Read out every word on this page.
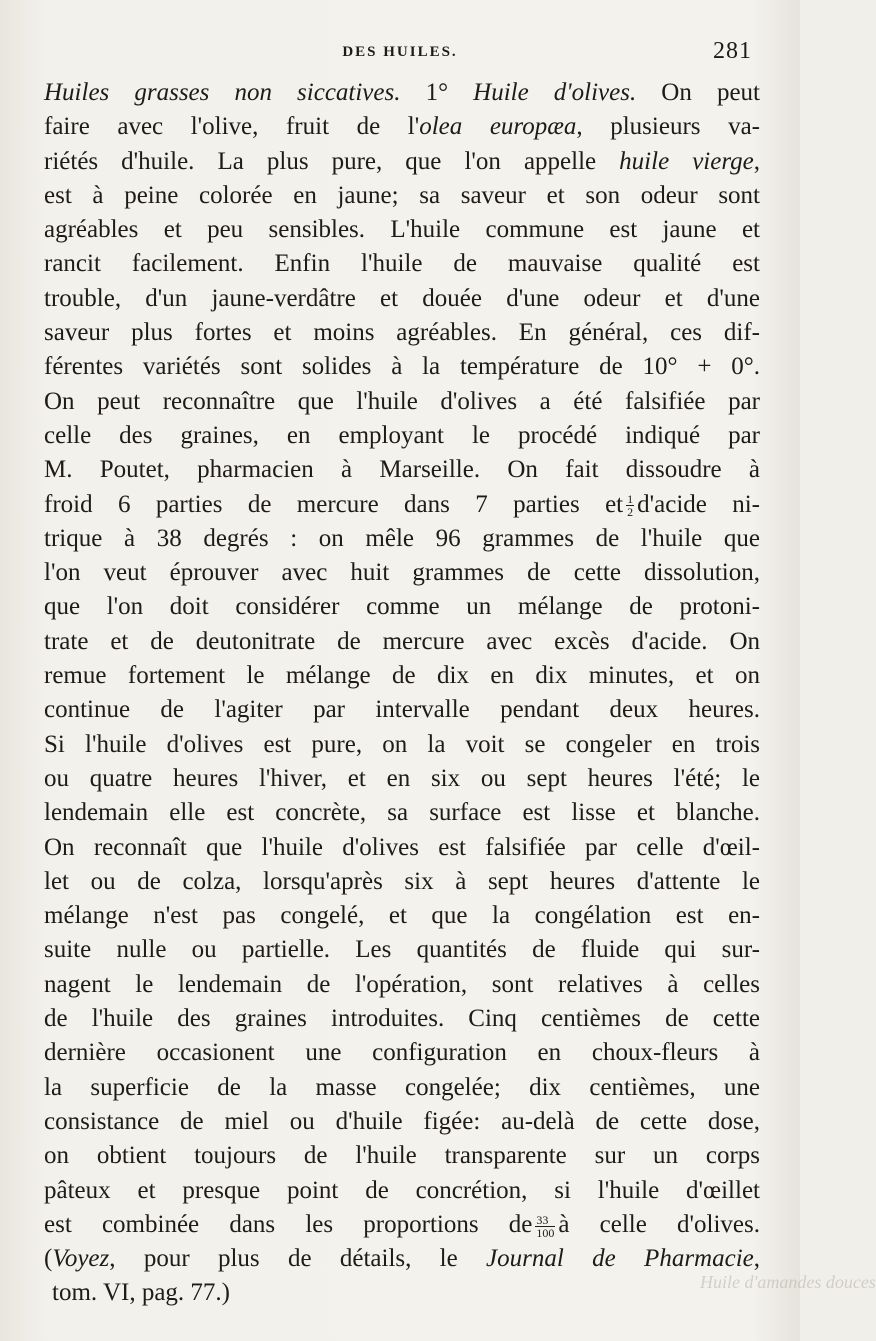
DES HUILES.	281
Huiles grasses non siccatives. 1° Huile d'olives. On peut
faire avec l'olive, fruit de l'olea europæa, plusieurs va-
riétés d'huile. La plus pure, que l'on appelle huile vierge,
est à peine colorée en jaune; sa saveur et son odeur sont
agréables et peu sensibles. L'huile commune est jaune et
rancit facilement. Enfin l'huile de mauvaise qualité est
trouble, d'un jaune-verdâtre et douée d'une odeur et d'une
saveur plus fortes et moins agréables. En général, ces dif-
férentes variétés sont solides à la température de 10° + 0°.
On peut reconnaître que l'huile d'olives a été falsifiée par
celle des graines, en employant le procédé indiqué par
M. Poutet, pharmacien à Marseille. On fait dissoudre à
froid 6 parties de mercure dans 7 parties et $\frac{1}{2}$ d'acide ni-
trique à 38 degrés : on mêle 96 grammes de l'huile que
l'on veut éprouver avec huit grammes de cette dissolution,
que l'on doit considérer comme un mélange de protoni-
trate et de deutonitrate de mercure avec excès d'acide. On
remue fortement le mélange de dix en dix minutes, et on
continue de l'agiter par intervalle pendant deux heures.
Si l'huile d'olives est pure, on la voit se congeler en trois
ou quatre heures l'hiver, et en six ou sept heures l'été; le
lendemain elle est concrète, sa surface est lisse et blanche.
On reconnaît que l'huile d'olives est falsifiée par celle d'œil-
let ou de colza, lorsqu'après six à sept heures d'attente le
mélange n'est pas congelé, et que la congélation est en-
suite nulle ou partielle. Les quantités de fluide qui sur-
nagent le lendemain de l'opération, sont relatives à celles
de l'huile des graines introduites. Cinq centièmes de cette
dernière occasionent une configuration en choux-fleurs à
la superficie de la masse congelée; dix centièmes, une
consistance de miel ou d'huile figée: au-delà de cette dose,
on obtient toujours de l'huile transparente sur un corps
pâteux et presque point de concrétion, si l'huile d'œillet
est combinée dans les proportions de $\frac{33}{100}$ à celle d'olives.
(Voyez, pour plus de détails, le Journal de Pharmacie,
tom. VI, pag. 77.)	Huile d'amandes douces
